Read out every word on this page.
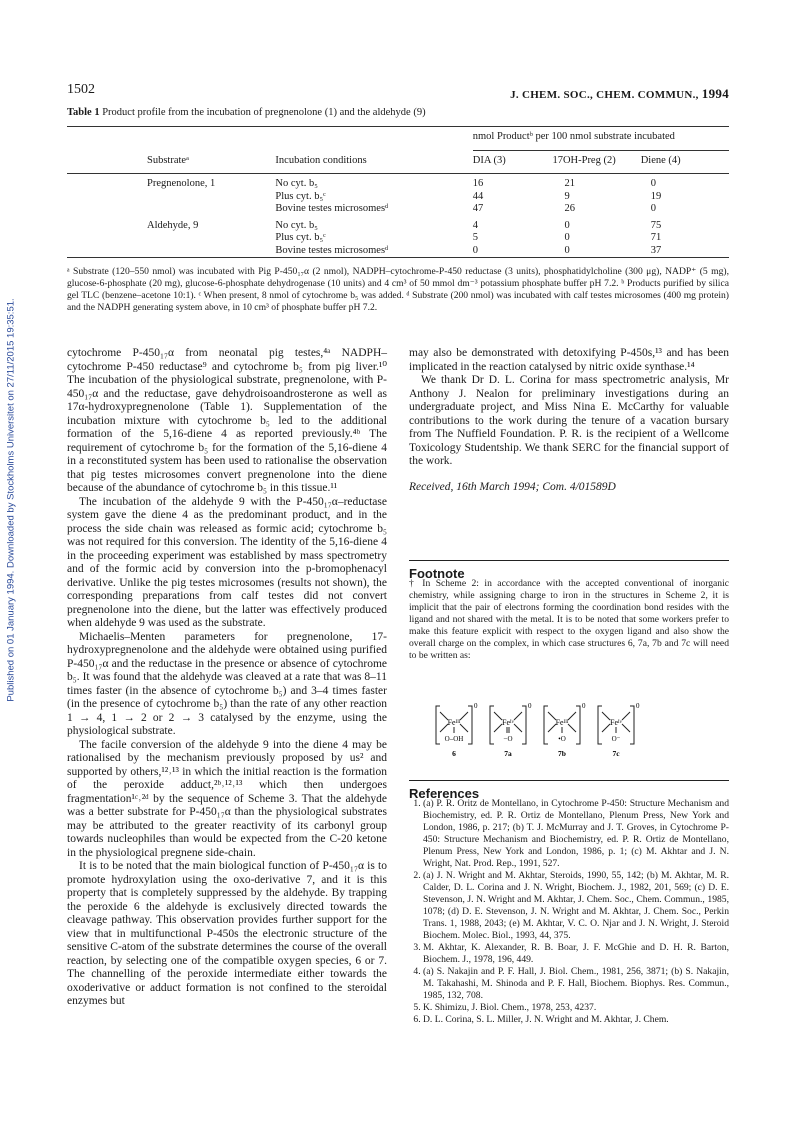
Published on 01 January 1994. Downloaded by Stockholms Universitet on 27/11/2015 19:35:51.
1502	J. CHEM. SOC., CHEM. COMMUN., 1994
Table 1 Product profile from the incubation of pregnenolone (1) and the aldehyde (9)

		nmol Productᵇ per 100 nmol substrate incubated		

Substrateᵃ	Incubation conditions	DIA (3)	17OH-Preg (2)	Diene (4)

Pregnenolone, 1	No cyt. b₅	16	21	0
	Plus cyt. b₅ᶜ	44	9	19
	Bovine testes microsomesᵈ	47	26	0

Aldehyde, 9	No cyt. b₅	4	0	75
	Plus cyt. b₅ᶜ	5	0	71
	Bovine testes microsomesᵈ	0	0	37
ᵃ Substrate (120–550 nmol) was incubated with Pig P-450₁₇α (2 nmol), NADPH–cytochrome-P-450 reductase (3 units), phosphatidylcholine (300 μg), NADP⁺ (5 mg), glucose-6-phosphate (20 mg), glucose-6-phosphate dehydrogenase (10 units) and 4 cm³ of 50 mmol dm⁻³ potassium phosphate buffer pH 7.2. ᵇ Products purified by silica gel TLC (benzene–acetone 10:1). ᶜ When present, 8 nmol of cytochrome b₅ was added. ᵈ Substrate (200 nmol) was incubated with calf testes microsomes (400 mg protein) and the NADPH generating system above, in 10 cm³ of phosphate buffer pH 7.2.

cytochrome P-450₁₇α from neonatal pig testes,⁴ᵃ NADPH–cytochrome P-450 reductase⁹ and cytochrome b₅ from pig liver.¹⁰ The incubation of the physiological substrate, pregnenolone, with P-450₁₇α and the reductase, gave dehydroisoandrosterone as well as 17α-hydroxypregnenolone (Table 1). Supplementation of the incubation mixture with cytochrome b₅ led to the additional formation of the 5,16-diene 4 as reported previously.⁴ᵇ The requirement of cytochrome b₅ for the formation of the 5,16-diene 4 in a reconstituted system has been used to rationalise the observation that pig testes microsomes convert pregnenolone into the diene because of the abundance of cytochrome b₅ in this tissue.¹¹

The incubation of the aldehyde 9 with the P-450₁₇α–reductase system gave the diene 4 as the predominant product, and in the process the side chain was released as formic acid; cytochrome b₅ was not required for this conversion. The identity of the 5,16-diene 4 in the proceeding experiment was established by mass spectrometry and of the formic acid by conversion into the p-bromophenacyl derivative. Unlike the pig testes microsomes (results not shown), the corresponding preparations from calf testes did not convert pregnenolone into the diene, but the latter was effectively produced when aldehyde 9 was used as the substrate.

Michaelis–Menten parameters for pregnenolone, 17-hydroxypregnenolone and the aldehyde were obtained using purified P-450₁₇α and the reductase in the presence or absence of cytochrome b₅. It was found that the aldehyde was cleaved at a rate that was 8–11 times faster (in the absence of cytochrome b₅) and 3–4 times faster (in the presence of cytochrome b₅) than the rate of any other reaction 1 → 4, 1 → 2 or 2 → 3 catalysed by the enzyme, using the physiological substrate.

The facile conversion of the aldehyde 9 into the diene 4 may be rationalised by the mechanism previously proposed by us² and supported by others,¹²˒¹³ in which the initial reaction is the formation of the peroxide adduct,²ᵇ˒¹²˒¹³ which then undergoes fragmentation¹ᶜ˒²ᵈ by the sequence of Scheme 3. That the aldehyde was a better substrate for P-450₁₇α than the physiological substrates may be attributed to the greater reactivity of its carbonyl group towards nucleophiles than would be expected from the C-20 ketone in the physiological pregnene side-chain.

It is to be noted that the main biological function of P-450₁₇α is to promote hydroxylation using the oxo-derivative 7, and it is this property that is completely suppressed by the aldehyde. By trapping the peroxide 6 the aldehyde is exclusively directed towards the cleavage pathway. This observation provides further support for the view that in multifunctional P-450s the electronic structure of the sensitive C-atom of the substrate determines the course of the overall reaction, by selecting one of the compatible oxygen species, 6 or 7. The channelling of the peroxide intermediate either towards the oxoderivative or adduct formation is not confined to the steroidal enzymes but

may also be demonstrated with detoxifying P-450s,¹³ and has been implicated in the reaction catalysed by nitric oxide synthase.¹⁴

We thank Dr D. L. Corina for mass spectrometric analysis, Mr Anthony J. Nealon for preliminary investigations during an undergraduate project, and Miss Nina E. McCarthy for valuable contributions to the work during the tenure of a vacation bursary from The Nuffield Foundation. P. R. is the recipient of a Wellcome Toxicology Studentship. We thank SERC for the financial support of the work.

Received, 16th March 1994; Com. 4/01589D

Footnote
† In Scheme 2: in accordance with the accepted conventional of inorganic chemistry, while assigning charge to iron in the structures in Scheme 2, it is implicit that the pair of electrons forming the coordination bond resides with the ligand and not shared with the metal. It is to be noted that some workers prefer to make this feature explicit with respect to the oxygen ligand and also show the overall charge on the complex, in which case structures 6, 7a, 7b and 7c will need to be written as:
Feᴵᴵᴵ
O–OH
0
6
Feᴵᵛ
−O
0
7a
Feᴵᴵᴵ
•O
0
7b
Feᴵᵛ
O⁻
0
7c
References
1. (a) P. R. Oritz de Montellano, in Cytochrome P-450: Structure Mechanism and Biochemistry, ed. P. R. Ortiz de Montellano, Plenum Press, New York and London, 1986, p. 217; (b) T. J. McMurray and J. T. Groves, in Cytochrome P-450: Structure Mechanism and Biochemistry, ed. P. R. Ortiz de Montellano, Plenum Press, New York and London, 1986, p. 1; (c) M. Akhtar and J. N. Wright, Nat. Prod. Rep., 1991, 527.
2. (a) J. N. Wright and M. Akhtar, Steroids, 1990, 55, 142; (b) M. Akhtar, M. R. Calder, D. L. Corina and J. N. Wright, Biochem. J., 1982, 201, 569; (c) D. E. Stevenson, J. N. Wright and M. Akhtar, J. Chem. Soc., Chem. Commun., 1985, 1078; (d) D. E. Stevenson, J. N. Wright and M. Akhtar, J. Chem. Soc., Perkin Trans. 1, 1988, 2043; (e) M. Akhtar, V. C. O. Njar and J. N. Wright, J. Steroid Biochem. Molec. Biol., 1993, 44, 375.
3. M. Akhtar, K. Alexander, R. B. Boar, J. F. McGhie and D. H. R. Barton, Biochem. J., 1978, 196, 449.
4. (a) S. Nakajin and P. F. Hall, J. Biol. Chem., 1981, 256, 3871; (b) S. Nakajin, M. Takahashi, M. Shinoda and P. F. Hall, Biochem. Biophys. Res. Commun., 1985, 132, 708.
5. K. Shimizu, J. Biol. Chem., 1978, 253, 4237.
6. D. L. Corina, S. L. Miller, J. N. Wright and M. Akhtar, J. Chem.
